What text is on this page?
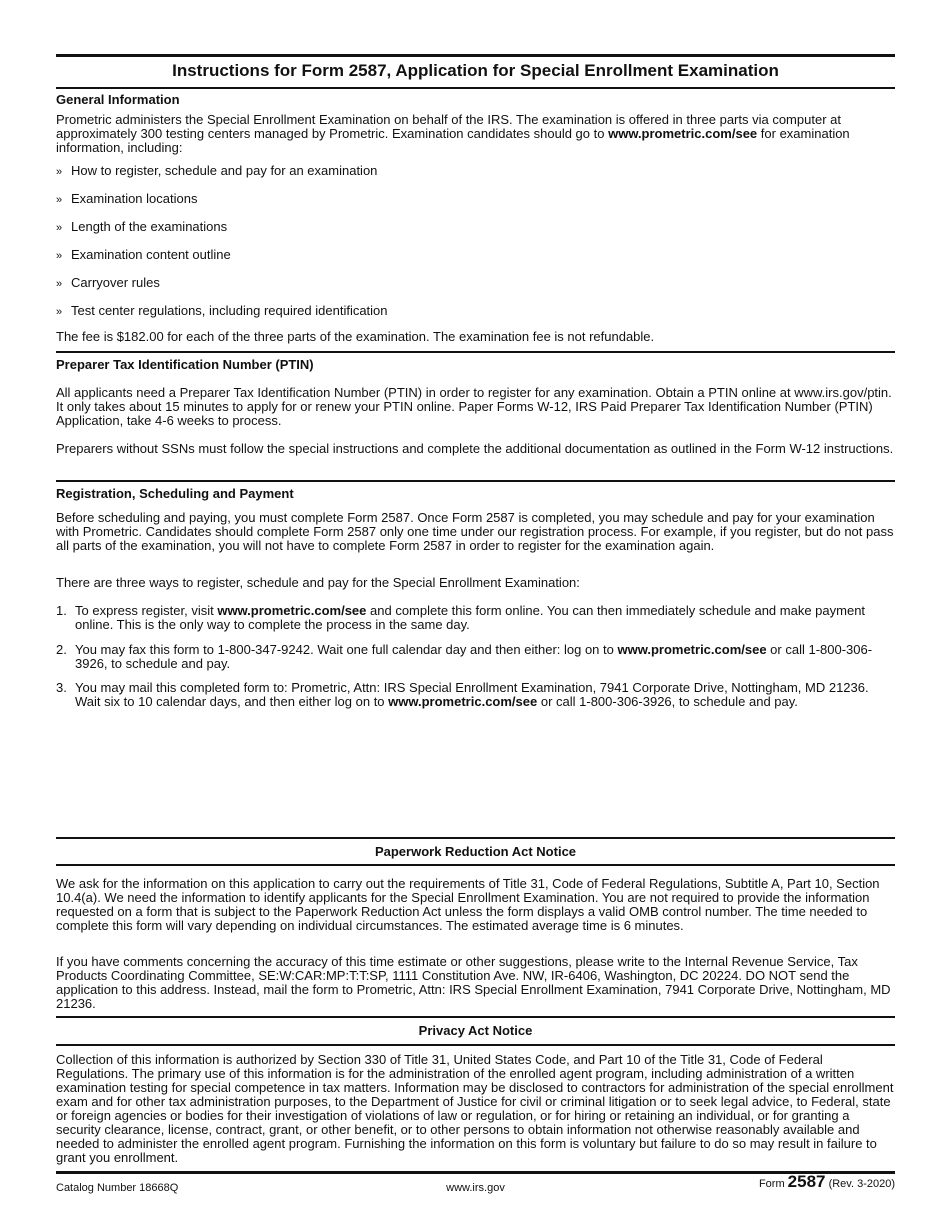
Instructions for Form 2587, Application for Special Enrollment Examination
General Information
Prometric administers the Special Enrollment Examination on behalf of the IRS. The examination is offered in three parts via computer at approximately 300 testing centers managed by Prometric. Examination candidates should go to www.prometric.com/see for examination information, including:
» How to register, schedule and pay for an examination
» Examination locations
» Length of the examinations
» Examination content outline
» Carryover rules
» Test center regulations, including required identification
The fee is $182.00 for each of the three parts of the examination. The examination fee is not refundable.
Preparer Tax Identification Number (PTIN)
All applicants need a Preparer Tax Identification Number (PTIN) in order to register for any examination. Obtain a PTIN online at www.irs.gov/ptin. It only takes about 15 minutes to apply for or renew your PTIN online. Paper Forms W-12, IRS Paid Preparer Tax Identification Number (PTIN) Application, take 4-6 weeks to process.
Preparers without SSNs must follow the special instructions and complete the additional documentation as outlined in the Form W-12 instructions.
Registration, Scheduling and Payment
Before scheduling and paying, you must complete Form 2587. Once Form 2587 is completed, you may schedule and pay for your examination with Prometric. Candidates should complete Form 2587 only one time under our registration process. For example, if you register, but do not pass all parts of the examination, you will not have to complete Form 2587 in order to register for the examination again.
There are three ways to register, schedule and pay for the Special Enrollment Examination:
1. To express register, visit www.prometric.com/see and complete this form online. You can then immediately schedule and make payment online. This is the only way to complete the process in the same day.
2. You may fax this form to 1-800-347-9242. Wait one full calendar day and then either: log on to www.prometric.com/see or call 1-800-306-3926, to schedule and pay.
3. You may mail this completed form to: Prometric, Attn: IRS Special Enrollment Examination, 7941 Corporate Drive, Nottingham, MD 21236. Wait six to 10 calendar days, and then either log on to www.prometric.com/see or call 1-800-306-3926, to schedule and pay.
Paperwork Reduction Act Notice
We ask for the information on this application to carry out the requirements of Title 31, Code of Federal Regulations, Subtitle A, Part 10, Section 10.4(a). We need the information to identify applicants for the Special Enrollment Examination. You are not required to provide the information requested on a form that is subject to the Paperwork Reduction Act unless the form displays a valid OMB control number. The time needed to complete this form will vary depending on individual circumstances. The estimated average time is 6 minutes.
If you have comments concerning the accuracy of this time estimate or other suggestions, please write to the Internal Revenue Service, Tax Products Coordinating Committee, SE:W:CAR:MP:T:T:SP, 1111 Constitution Ave. NW, IR-6406, Washington, DC 20224. DO NOT send the application to this address. Instead, mail the form to Prometric, Attn: IRS Special Enrollment Examination, 7941 Corporate Drive, Nottingham, MD 21236.
Privacy Act Notice
Collection of this information is authorized by Section 330 of Title 31, United States Code, and Part 10 of the Title 31, Code of Federal Regulations. The primary use of this information is for the administration of the enrolled agent program, including administration of a written examination testing for special competence in tax matters. Information may be disclosed to contractors for administration of the special enrollment exam and for other tax administration purposes, to the Department of Justice for civil or criminal litigation or to seek legal advice, to Federal, state or foreign agencies or bodies for their investigation of violations of law or regulation, or for hiring or retaining an individual, or for granting a security clearance, license, contract, grant, or other benefit, or to other persons to obtain information not otherwise reasonably available and needed to administer the enrolled agent program. Furnishing the information on this form is voluntary but failure to do so may result in failure to grant you enrollment.
Catalog Number 18668Q	www.irs.gov	Form 2587 (Rev. 3-2020)
